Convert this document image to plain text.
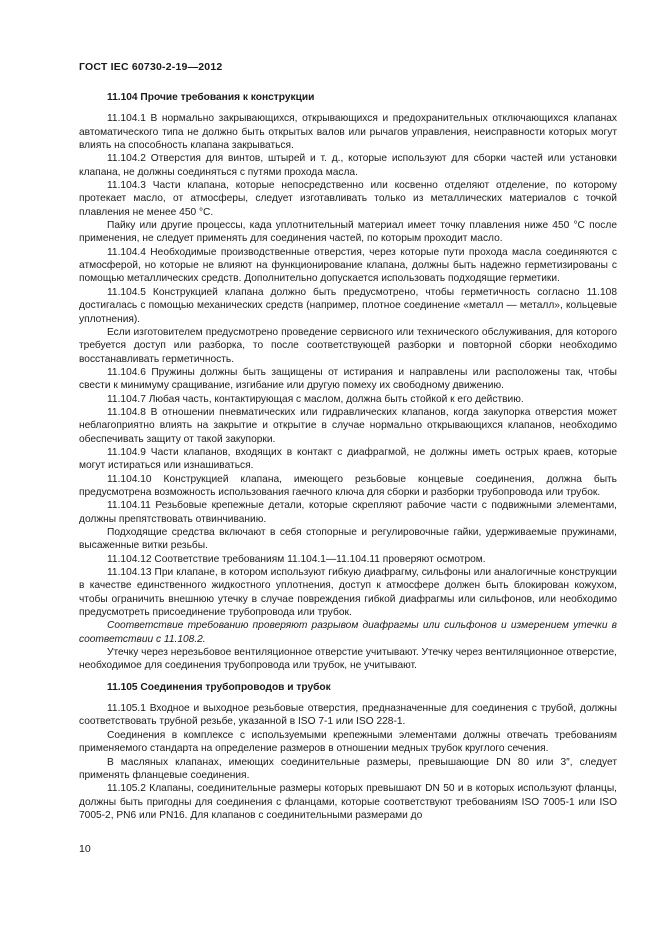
ГОСТ IEC 60730-2-19—2012

11.104 Прочие требования к конструкции

11.104.1 В нормально закрывающихся, открывающихся и предохранительных отключающихся клапанах автоматического типа не должно быть открытых валов или рычагов управления, неисправности которых могут влиять на способность клапана закрываться.

11.104.2 Отверстия для винтов, штырей и т. д., которые используют для сборки частей или установки клапана, не должны соединяться с путями прохода масла.

11.104.3 Части клапана, которые непосредственно или косвенно отделяют отделение, по которому протекает масло, от атмосферы, следует изготавливать только из металлических материалов с точкой плавления не менее 450 °C.

Пайку или другие процессы, када уплотнительный материал имеет точку плавления ниже 450 °C после применения, не следует применять для соединения частей, по которым проходит масло.

11.104.4 Необходимые производственные отверстия, через которые пути прохода масла соединяются с атмосферой, но которые не влияют на функционирование клапана, должны быть надежно герметизированы с помощью металлических средств. Дополнительно допускается использовать подходящие герметики.

11.104.5 Конструкцией клапана должно быть предусмотрено, чтобы герметичность согласно 11.108 достигалась с помощью механических средств (например, плотное соединение «металл — металл», кольцевые уплотнения).

Если изготовителем предусмотрено проведение сервисного или технического обслуживания, для которого требуется доступ или разборка, то после соответствующей разборки и повторной сборки необходимо восстанавливать герметичность.

11.104.6 Пружины должны быть защищены от истирания и направлены или расположены так, чтобы свести к минимуму сращивание, изгибание или другую помеху их свободному движению.

11.104.7 Любая часть, контактирующая с маслом, должна быть стойкой к его действию.

11.104.8 В отношении пневматических или гидравлических клапанов, когда закупорка отверстия может неблагоприятно влиять на закрытие и открытие в случае нормально открывающихся клапанов, необходимо обеспечивать защиту от такой закупорки.

11.104.9 Части клапанов, входящих в контакт с диафрагмой, не должны иметь острых краев, которые могут истираться или изнашиваться.

11.104.10 Конструкцией клапана, имеющего резьбовые концевые соединения, должна быть предусмотрена возможность использования гаечного ключа для сборки и разборки трубопровода или трубок.

11.104.11 Резьбовые крепежные детали, которые скрепляют рабочие части с подвижными элементами, должны препятствовать отвинчиванию.

Подходящие средства включают в себя стопорные и регулировочные гайки, удерживаемые пружинами, высаженные витки резьбы.

11.104.12 Соответствие требованиям 11.104.1—11.104.11 проверяют осмотром.

11.104.13 При клапане, в котором используют гибкую диафрагму, сильфоны или аналогичные конструкции в качестве единственного жидкостного уплотнения, доступ к атмосфере должен быть блокирован кожухом, чтобы ограничить внешнюю утечку в случае повреждения гибкой диафрагмы или сильфонов, или необходимо предусмотреть присоединение трубопровода или трубок.

Соответствие требованию проверяют разрывом диафрагмы или сильфонов и измерением утечки в соответствии с 11.108.2.

Утечку через нерезьбовое вентиляционное отверстие учитывают. Утечку через вентиляционное отверстие, необходимое для соединения трубопровода или трубок, не учитывают.

11.105 Соединения трубопроводов и трубок

11.105.1 Входное и выходное резьбовые отверстия, предназначенные для соединения с трубой, должны соответствовать трубной резьбе, указанной в ISO 7-1 или ISO 228-1.

Соединения в комплексе с используемыми крепежными элементами должны отвечать требованиям применяемого стандарта на определение размеров в отношении медных трубок круглого сечения.

В масляных клапанах, имеющих соединительные размеры, превышающие DN 80 или 3″, следует применять фланцевые соединения.

11.105.2 Клапаны, соединительные размеры которых превышают DN 50 и в которых используют фланцы, должны быть пригодны для соединения с фланцами, которые соответствуют требованиям ISO 7005-1 или ISO 7005-2, PN6 или PN16. Для клапанов с соединительными размерами до

10
